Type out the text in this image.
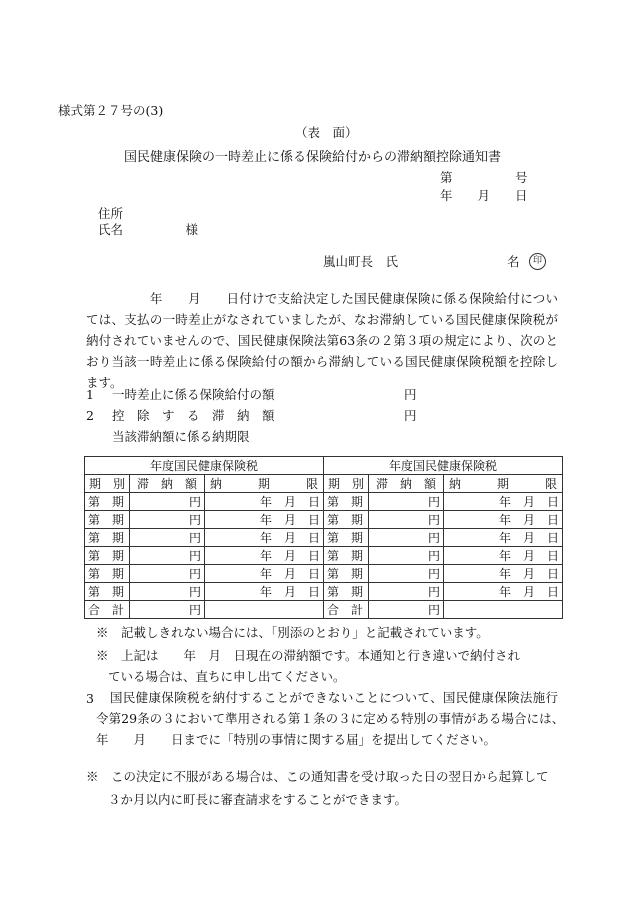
様式第２７号の(3)
（表　面）
国民健康保険の一時差止に係る保険給付からの滞納額控除通知書
第　　　　　号
年　　月　　日
住所
氏名　　　　　様
嵐山町長　氏	名	印

　　　　　年　　月　　日付けで支給決定した国民健康保険に係る保険給付については、支払の一時差止がなされていましたが、なお滞納している国民健康保険税が納付されていませんので、国民健康保険法第63条の２第３項の規定により、次のとおり当該一時差止に係る保険給付の額から滞納している国民健康保険税額を控除します。

1 一時差止に係る保険給付の額	円
2 控　除　す　る　滞　納　額	円
当該滞納額に係る納期限
年度国民健康保険税			年度国民健康保険税		
期　別	滞　納　額	納　　　期　　　限	期　別	滞　納　額	納　　　期　　　限
第　期	円	年　月　日	第　期	円	年　月　日
第　期	円	年　月　日	第　期	円	年　月　日
第　期	円	年　月　日	第　期	円	年　月　日
第　期	円	年　月　日	第　期	円	年　月　日
第　期	円	年　月　日	第　期	円	年　月　日
第　期	円	年　月　日	第　期	円	年　月　日
合　計	円		合　計	円	
※　記載しきれない場合には、「別添のとおり」と記載されています。
※　上記は　　年　月　日現在の滞納額です。本通知と行き違いで納付され
ている場合は、直ちに申し出てください。
3	国民健康保険税を納付することができないことについて、国民健康保険法施行令第29条の３において準用される第１条の３に定める特別の事情がある場合には、　　　　年　　月　　日までに「特別の事情に関する届」を提出してください。

※　この決定に不服がある場合は、この通知書を受け取った日の翌日から起算して
３か月以内に町長に審査請求をすることができます。
